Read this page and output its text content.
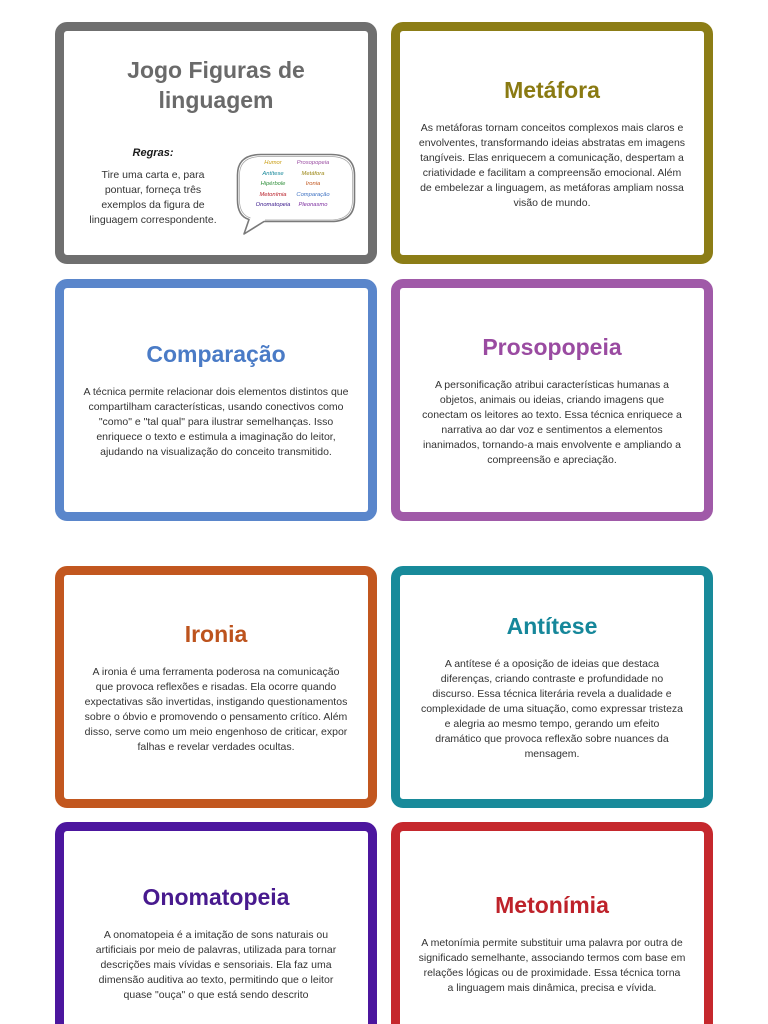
Jogo Figuras de
linguagem
Regras:

Tire uma carta e, para
pontuar, forneça três
exemplos da figura de
linguagem correspondente.

Humor	Prosopopeia
Antítese	Metáfora
Hipérbole	Ironia
Metonímia	Comparação
Onomatopeia	Pleonasmo
Metáfora

As metáforas tornam conceitos complexos mais claros e
envolventes, transformando ideias abstratas em imagens
tangíveis. Elas enriquecem a comunicação, despertam a
criatividade e facilitam a compreensão emocional. Além
de embelezar a linguagem, as metáforas ampliam nossa
visão de mundo.

Comparação

A técnica permite relacionar dois elementos distintos que
compartilham características, usando conectivos como
"como" e "tal qual" para ilustrar semelhanças. Isso
enriquece o texto e estimula a imaginação do leitor,
ajudando na visualização do conceito transmitido.

Prosopopeia

A personificação atribui características humanas a
objetos, animais ou ideias, criando imagens que
conectam os leitores ao texto. Essa técnica enriquece a
narrativa ao dar voz e sentimentos a elementos
inanimados, tornando-a mais envolvente e ampliando a
compreensão e apreciação.

Ironia

A ironia é uma ferramenta poderosa na comunicação
que provoca reflexões e risadas. Ela ocorre quando
expectativas são invertidas, instigando questionamentos
sobre o óbvio e promovendo o pensamento crítico. Além
disso, serve como um meio engenhoso de criticar, expor
falhas e revelar verdades ocultas.

Antítese

A antítese é a oposição de ideias que destaca
diferenças, criando contraste e profundidade no
discurso. Essa técnica literária revela a dualidade e
complexidade de uma situação, como expressar tristeza
e alegria ao mesmo tempo, gerando um efeito
dramático que provoca reflexão sobre nuances da
mensagem.

Onomatopeia

A onomatopeia é a imitação de sons naturais ou
artificiais por meio de palavras, utilizada para tornar
descrições mais vívidas e sensoriais. Ela faz uma
dimensão auditiva ao texto, permitindo que o leitor
quase "ouça" o que está sendo descrito

Metonímia

A metonímia permite substituir uma palavra por outra de
significado semelhante, associando termos com base em
relações lógicas ou de proximidade. Essa técnica torna
a linguagem mais dinâmica, precisa e vívida.
